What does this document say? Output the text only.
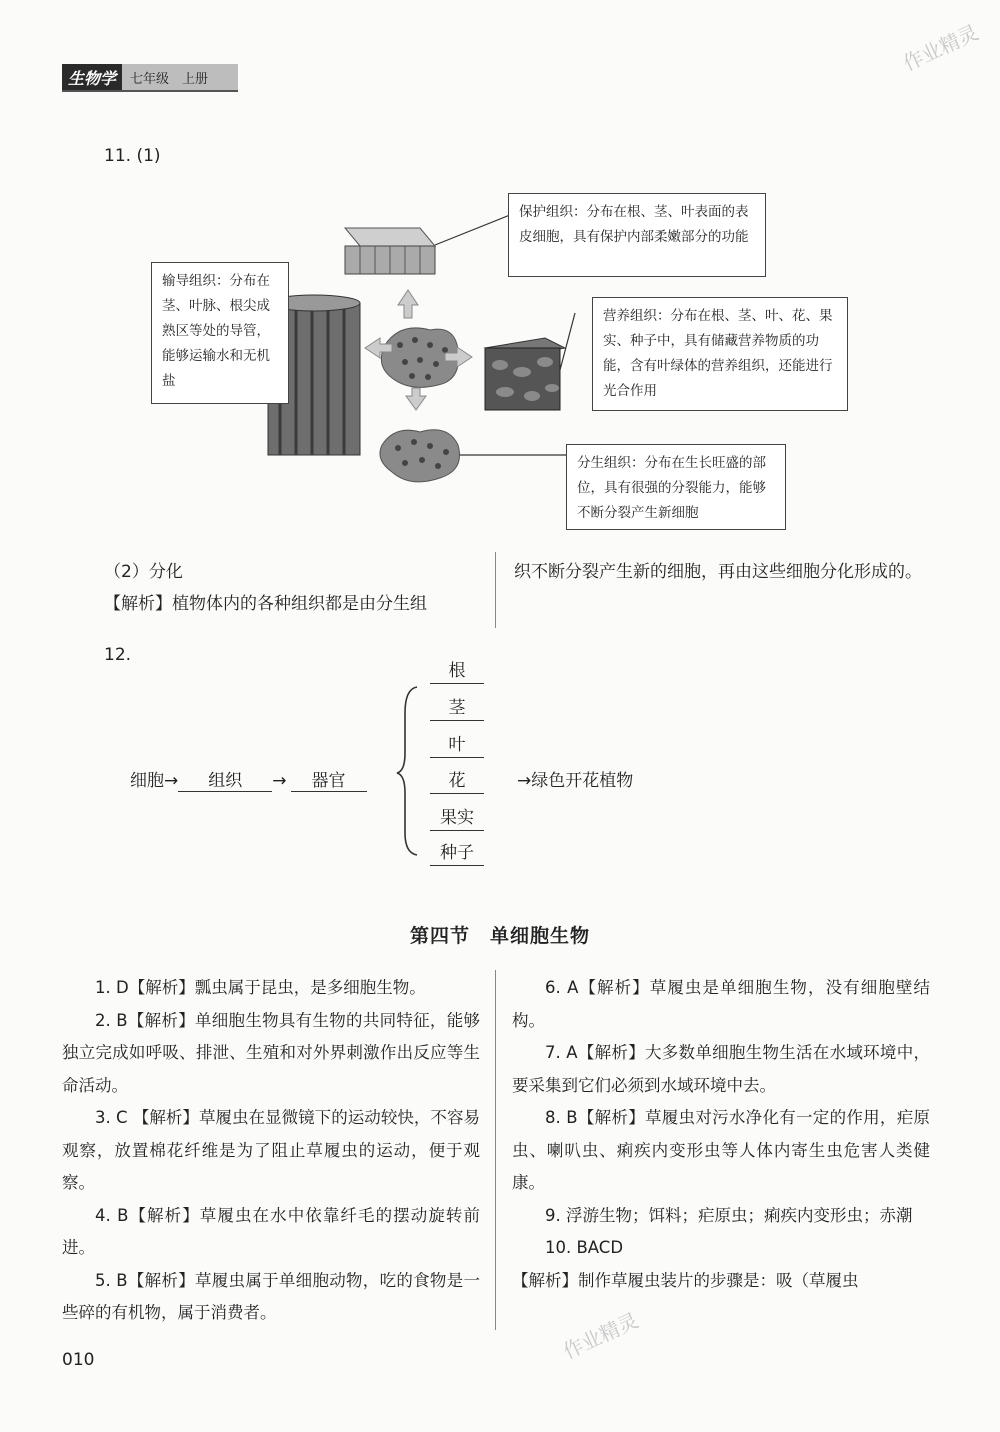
生物学	七年级　上册
作业精灵
11. (1)
保护组织：分布在根、茎、叶表面的表皮细胞，具有保护内部柔嫩部分的功能
输导组织：分布在茎、叶脉、根尖成熟区等处的导管，能够运输水和无机盐
营养组织：分布在根、茎、叶、花、果实、种子中，具有储藏营养物质的功能，含有叶绿体的营养组织，还能进行光合作用
分生组织：分布在生长旺盛的部位，具有很强的分裂能力，能够不断分裂产生新细胞
（2）分化
【解析】植物体内的各种组织都是由分生组
织不断分裂产生新的细胞，再由这些细胞分化形成的。
12.
细胞→ 组织 → 器官
根
茎
叶
花
果实
种子
→绿色开花植物
第四节　单细胞生物

1. D【解析】瓢虫属于昆虫，是多细胞生物。

2. B【解析】单细胞生物具有生物的共同特征，能够独立完成如呼吸、排泄、生殖和对外界刺激作出反应等生命活动。

3. C 【解析】草履虫在显微镜下的运动较快，不容易观察，放置棉花纤维是为了阻止草履虫的运动，便于观察。

4. B【解析】草履虫在水中依靠纤毛的摆动旋转前进。

5. B【解析】草履虫属于单细胞动物，吃的食物是一些碎的有机物，属于消费者。

6. A【解析】草履虫是单细胞生物，没有细胞壁结构。

7. A【解析】大多数单细胞生物生活在水域环境中，要采集到它们必须到水域环境中去。

8. B【解析】草履虫对污水净化有一定的作用，疟原虫、喇叭虫、痢疾内变形虫等人体内寄生虫危害人类健康。

9. 浮游生物；饵料；疟原虫；痢疾内变形虫；赤潮

10. BACD

【解析】制作草履虫装片的步骤是：吸（草履虫

作业精灵
010
